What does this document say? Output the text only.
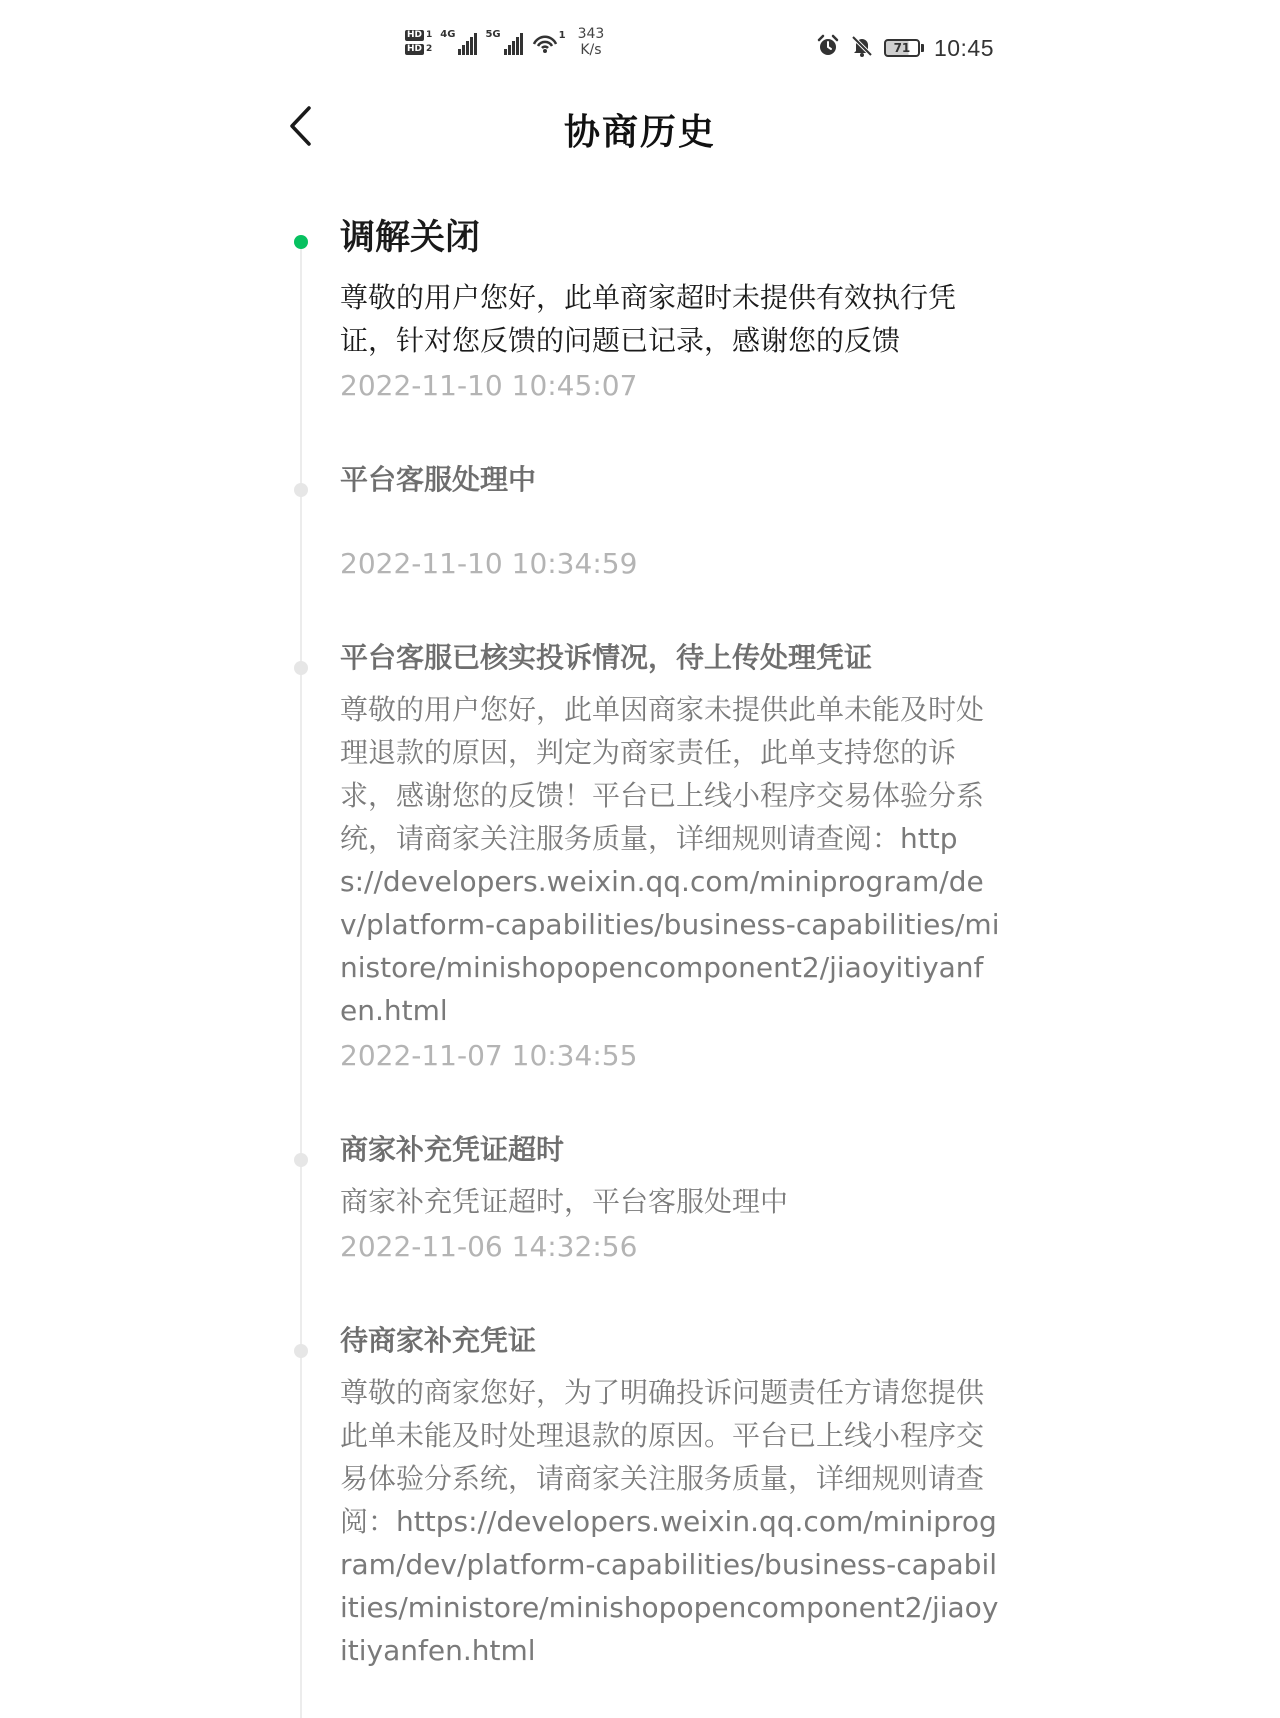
HD 1
HD 2
4G	5G	1 343
K/s	71	10:45
协商历史
调解关闭
尊敬的用户您好，此单商家超时未提供有效执行凭证，针对您反馈的问题已记录，感谢您的反馈
2022-11-10 10:45:07
平台客服处理中
2022-11-10 10:34:59
平台客服已核实投诉情况，待上传处理凭证
尊敬的用户您好，此单因商家未提供此单未能及时处理退款的原因，判定为商家责任，此单支持您的诉求，感谢您的反馈！平台已上线小程序交易体验分系统，请商家关注服务质量，详细规则请查阅：https://developers.weixin.qq.com/miniprogram/dev/platform-capabilities/business-capabilities/ministore/minishopopencomponent2/jiaoyitiyanfen.html
2022-11-07 10:34:55
商家补充凭证超时
商家补充凭证超时，平台客服处理中
2022-11-06 14:32:56
待商家补充凭证
尊敬的商家您好，为了明确投诉问题责任方请您提供此单未能及时处理退款的原因。平台已上线小程序交易体验分系统，请商家关注服务质量，详细规则请查阅：https://developers.weixin.qq.com/miniprogram/dev/platform-capabilities/business-capabilities/ministore/minishopopencomponent2/jiaoyitiyanfen.html
